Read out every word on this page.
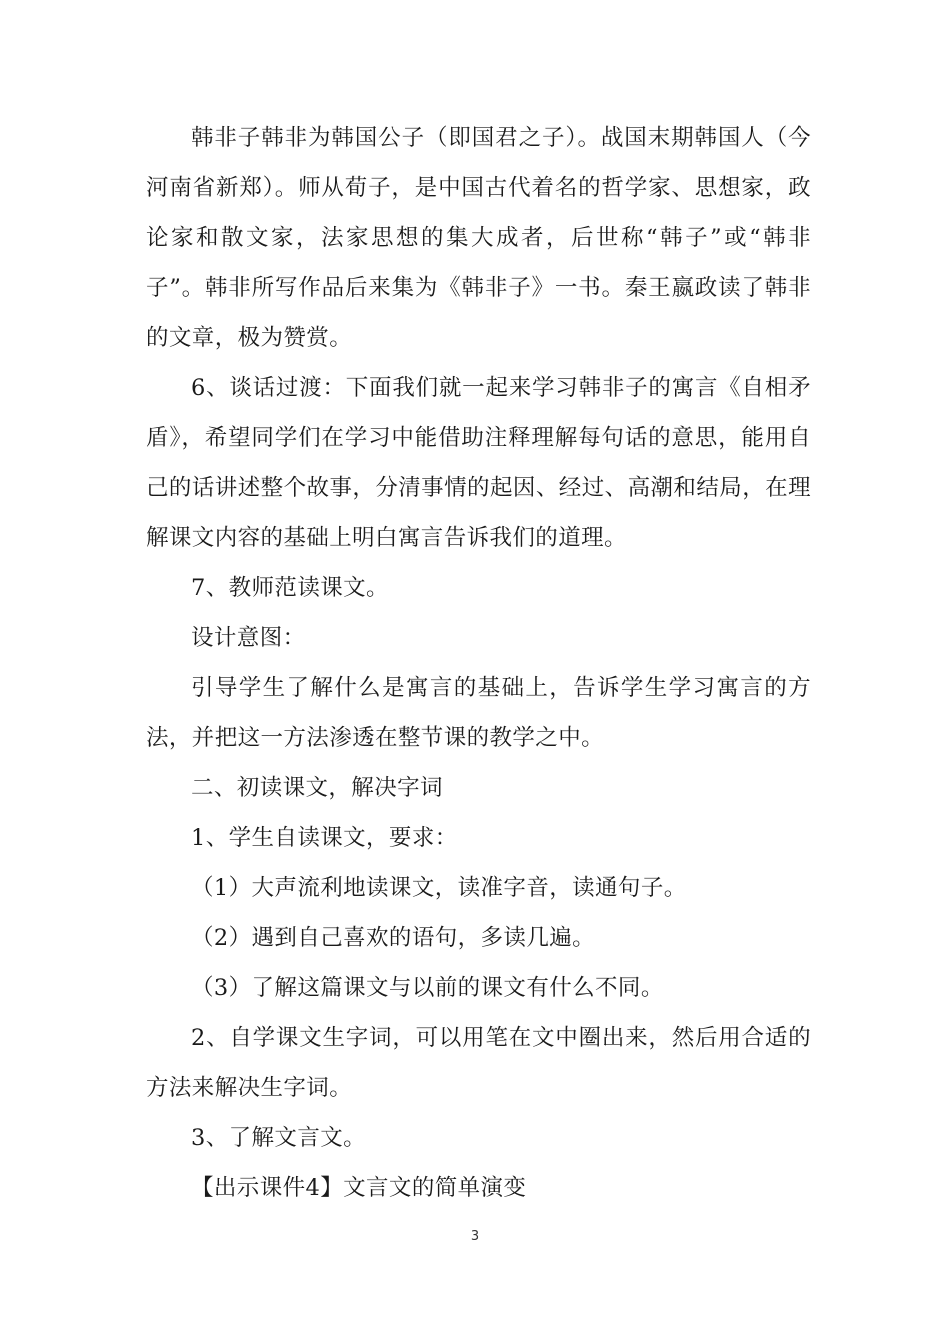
韩非子韩非为韩国公子（即国君之子）。战国末期韩国人（今河南省新郑）。师从荀子，是中国古代着名的哲学家、思想家，政论家和散文家，法家思想的集大成者，后世称“韩子”或“韩非子”。韩非所写作品后来集为《韩非子》一书。秦王嬴政读了韩非的文章，极为赞赏。

6、谈话过渡：下面我们就一起来学习韩非子的寓言《自相矛盾》，希望同学们在学习中能借助注释理解每句话的意思，能用自己的话讲述整个故事，分清事情的起因、经过、高潮和结局，在理解课文内容的基础上明白寓言告诉我们的道理。

7、教师范读课文。

设计意图：

引导学生了解什么是寓言的基础上，告诉学生学习寓言的方法，并把这一方法渗透在整节课的教学之中。

二、初读课文，解决字词

1、学生自读课文，要求：

（1）大声流利地读课文，读准字音，读通句子。

（2）遇到自己喜欢的语句，多读几遍。

（3）了解这篇课文与以前的课文有什么不同。

2、自学课文生字词，可以用笔在文中圈出来，然后用合适的方法来解决生字词。

3、了解文言文。

【出示课件4】文言文的简单演变

3
